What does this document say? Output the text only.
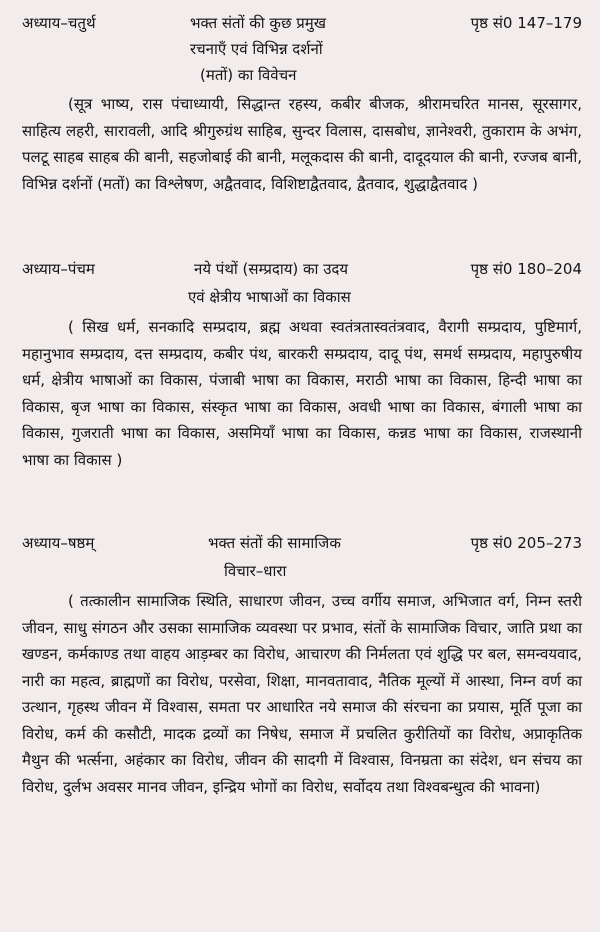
अध्याय–चतुर्थ	भक्त संतों की कुछ प्रमुख	पृष्ठ सं0 147–179
रचनाएँ एवं विभिन्न दर्शनों
(मतों) का विवेचन
(सूत्र भाष्य, रास पंचाध्यायी, सिद्धान्त रहस्य, कबीर बीजक, श्रीरामचरित मानस, सूरसागर, साहित्य लहरी, सारावली, आदि श्रीगुरुग्रंथ साहिब, सुन्दर विलास, दासबोध, ज्ञानेश्वरी, तुकाराम के अभंग, पलटू साहब साहब की बानी, सहजोबाई की बानी, मलूकदास की बानी, दादूदयाल की बानी, रज्जब बानी, विभिन्न दर्शनों (मतों) का विश्लेषण, अद्वैतवाद, विशिष्टाद्वैतवाद, द्वैतवाद, शुद्धाद्वैतवाद )
अध्याय–पंचम	नये पंथों (सम्प्रदाय) का उदय	पृष्ठ सं0 180–204
एवं क्षेत्रीय भाषाओं का विकास
( सिख धर्म, सनकादि सम्प्रदाय, ब्रह्म अथवा स्वतंत्रतास्वतंत्रवाद, वैरागी सम्प्रदाय, पुष्टिमार्ग, महानुभाव सम्प्रदाय, दत्त सम्प्रदाय, कबीर पंथ, बारकरी सम्प्रदाय, दादू पंथ, समर्थ सम्प्रदाय, महापुरुषीय धर्म, क्षेत्रीय भाषाओं का विकास, पंजाबी भाषा का विकास, मराठी भाषा का विकास, हिन्दी भाषा का विकास, बृज भाषा का विकास, संस्कृत भाषा का विकास, अवधी भाषा का विकास, बंगाली भाषा का विकास, गुजराती भाषा का विकास, असमियाँ भाषा का विकास, कन्नड भाषा का विकास, राजस्थानी भाषा का विकास )
अध्याय–षष्ठम्	भक्त संतों की सामाजिक	पृष्ठ सं0 205–273
विचार–धारा
( तत्कालीन सामाजिक स्थिति, साधारण जीवन, उच्च वर्गीय समाज, अभिजात वर्ग, निम्न स्तरी जीवन, साधु संगठन और उसका सामाजिक व्यवस्था पर प्रभाव, संतों के सामाजिक विचार, जाति प्रथा का खण्डन, कर्मकाण्ड तथा वाहय आड़म्बर का विरोध, आचारण की निर्मलता एवं शुद्धि पर बल, समन्वयवाद, नारी का महत्व, ब्राह्मणों का विरोध, परसेवा, शिक्षा, मानवतावाद, नैतिक मूल्यों में आस्था, निम्न वर्ण का उत्थान, गृहस्थ जीवन में विश्वास, समता पर आधारित नये समाज की संरचना का प्रयास, मूर्ति पूजा का विरोध, कर्म की कसौटी, मादक द्रव्यों का निषेध, समाज में प्रचलित कुरीतियों का विरोध, अप्राकृतिक मैथुन की भर्त्सना, अहंकार का विरोध, जीवन की सादगी में विश्वास, विनम्रता का संदेश, धन संचय का विरोध, दुर्लभ अवसर मानव जीवन, इन्द्रिय भोगों का विरोध, सर्वोदय तथा विश्वबन्धुत्व की भावना)
